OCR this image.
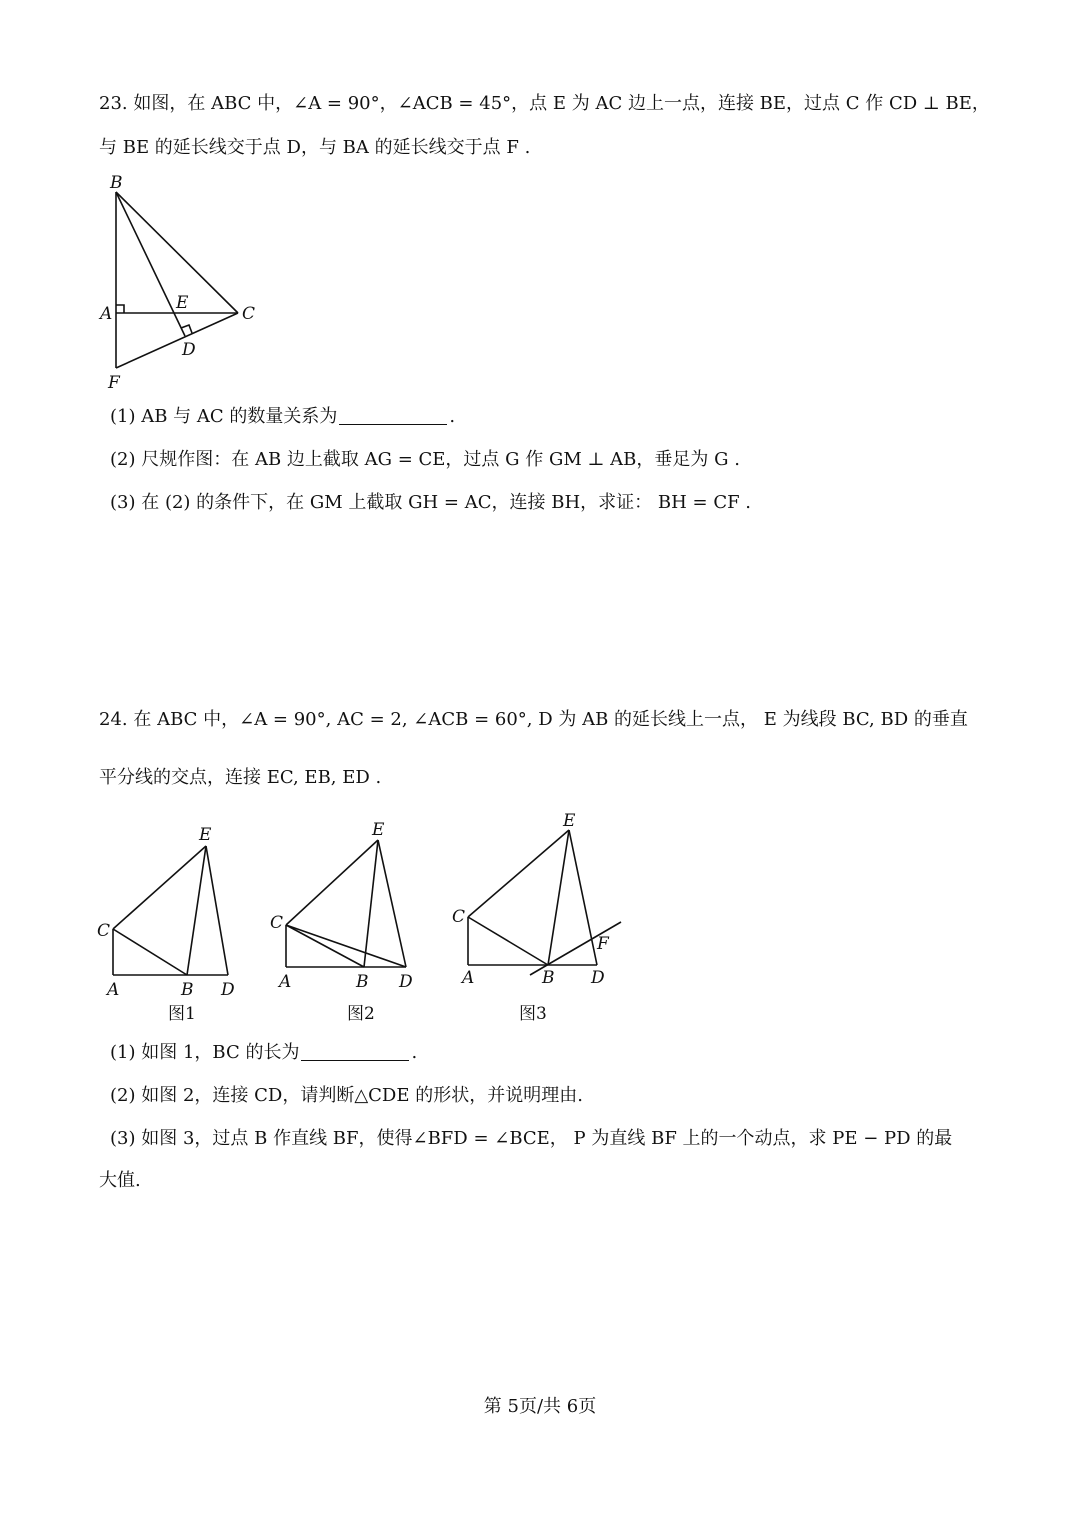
23. 如图，在 ABC 中，∠A = 90°，∠ACB = 45°，点 E 为 AC 边上一点，连接 BE，过点 C 作 CD ⊥ BE，
与 BE 的延长线交于点 D，与 BA 的延长线交于点 F .
B
A
E
C
D
F
(1) AB 与 AC 的数量关系为	.
(2) 尺规作图：在 AB 边上截取 AG = CE，过点 G 作 GM ⊥ AB，垂足为 G .
(3) 在 (2) 的条件下，在 GM 上截取 GH = AC，连接 BH，求证： BH = CF .
24. 在 ABC 中，∠A = 90°, AC = 2, ∠ACB = 60°, D 为 AB 的延长线上一点， E 为线段 BC, BD 的垂直
平分线的交点，连接 EC, EB, ED .
E
C
A	B D
图1
E
C
A	B D
图2
E
C
F
A	B D
图3
(1) 如图 1，BC 的长为	.
(2) 如图 2，连接 CD，请判断△CDE 的形状，并说明理由.
(3) 如图 3，过点 B 作直线 BF，使得∠BFD = ∠BCE， P 为直线 BF 上的一个动点，求 PE − PD 的最
大值.
第 5页/共 6页
